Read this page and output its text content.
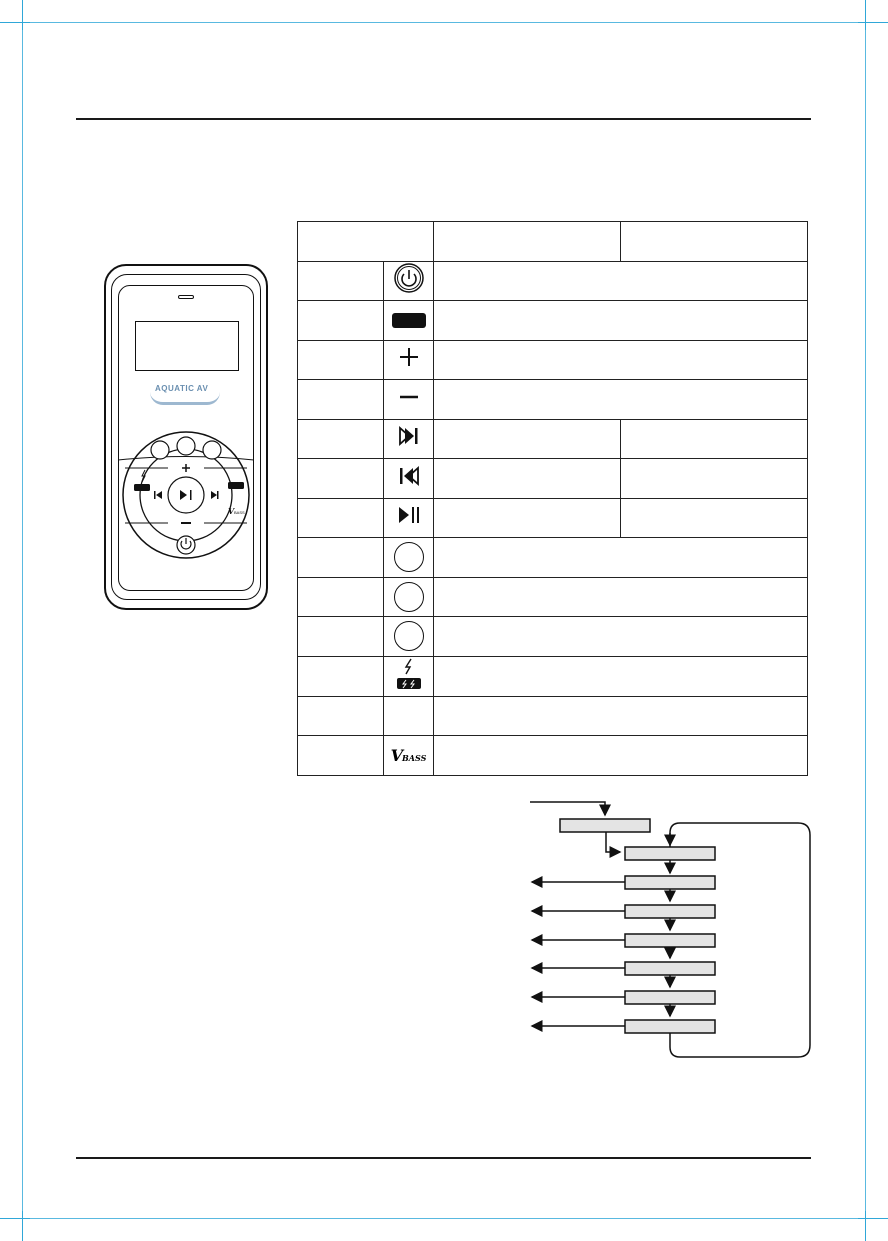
AQUATIC AV
V BASS

	VBASS		
